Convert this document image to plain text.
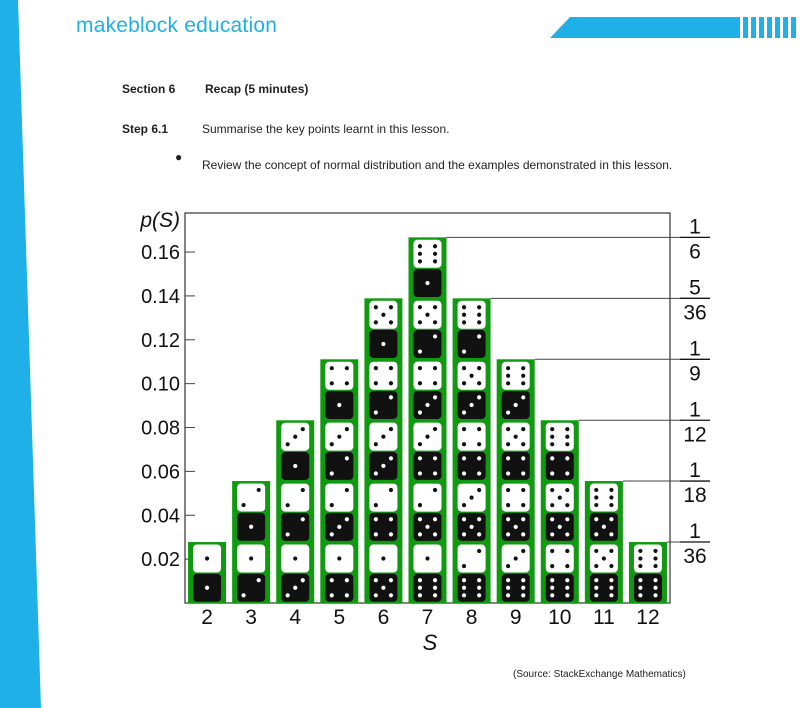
makeblock education
Section 6 Recap (5 minutes)
Step 6.1	Summarise the key points learnt in this lesson.
●
Review the concept of normal distribution and the examples demonstrated in this lesson.
0.02
0.04
0.06
0.08
0.10
0.12
0.14
0.16
p(S)
2 3 4 5 6 7 8 9 10 11 12
1
6
5
36
1
9
1
12
1
18
1
36
S
(Source: StackExchange Mathematics)
